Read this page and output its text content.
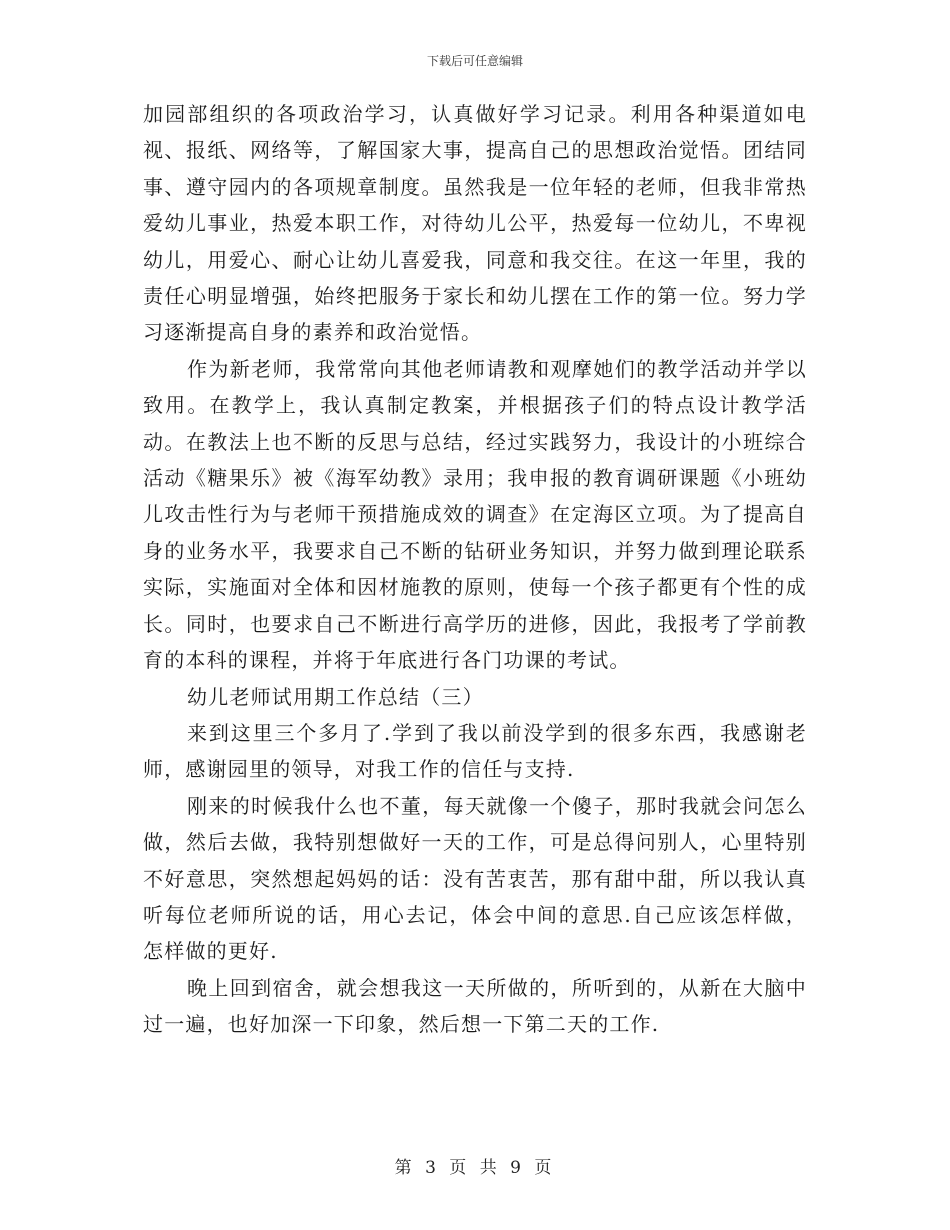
下载后可任意编辑

加园部组织的各项政治学习，认真做好学习记录。利用各种渠道如电视、报纸、网络等，了解国家大事，提高自己的思想政治觉悟。团结同事、遵守园内的各项规章制度。虽然我是一位年轻的老师，但我非常热爱幼儿事业，热爱本职工作，对待幼儿公平，热爱每一位幼儿，不卑视幼儿，用爱心、耐心让幼儿喜爱我，同意和我交往。在这一年里，我的责任心明显增强，始终把服务于家长和幼儿摆在工作的第一位。努力学习逐渐提高自身的素养和政治觉悟。

作为新老师，我常常向其他老师请教和观摩她们的教学活动并学以致用。在教学上，我认真制定教案，并根据孩子们的特点设计教学活动。在教法上也不断的反思与总结，经过实践努力，我设计的小班综合活动《糖果乐》被《海军幼教》录用；我申报的教育调研课题《小班幼儿攻击性行为与老师干预措施成效的调查》在定海区立项。为了提高自身的业务水平，我要求自己不断的钻研业务知识，并努力做到理论联系实际，实施面对全体和因材施教的原则，使每一个孩子都更有个性的成长。同时，也要求自己不断进行高学历的进修，因此，我报考了学前教育的本科的课程，并将于年底进行各门功课的考试。

幼儿老师试用期工作总结（三）

来到这里三个多月了.学到了我以前没学到的很多东西，我感谢老师，感谢园里的领导，对我工作的信任与支持.

刚来的时候我什么也不董，每天就像一个傻子，那时我就会问怎么做，然后去做，我特别想做好一天的工作，可是总得问别人，心里特别不好意思，突然想起妈妈的话：没有苦衷苦，那有甜中甜，所以我认真听每位老师所说的话，用心去记，体会中间的意思.自己应该怎样做，怎样做的更好.

晚上回到宿舍，就会想我这一天所做的，所听到的，从新在大脑中过一遍，也好加深一下印象，然后想一下第二天的工作.

第 3 页 共 9 页
